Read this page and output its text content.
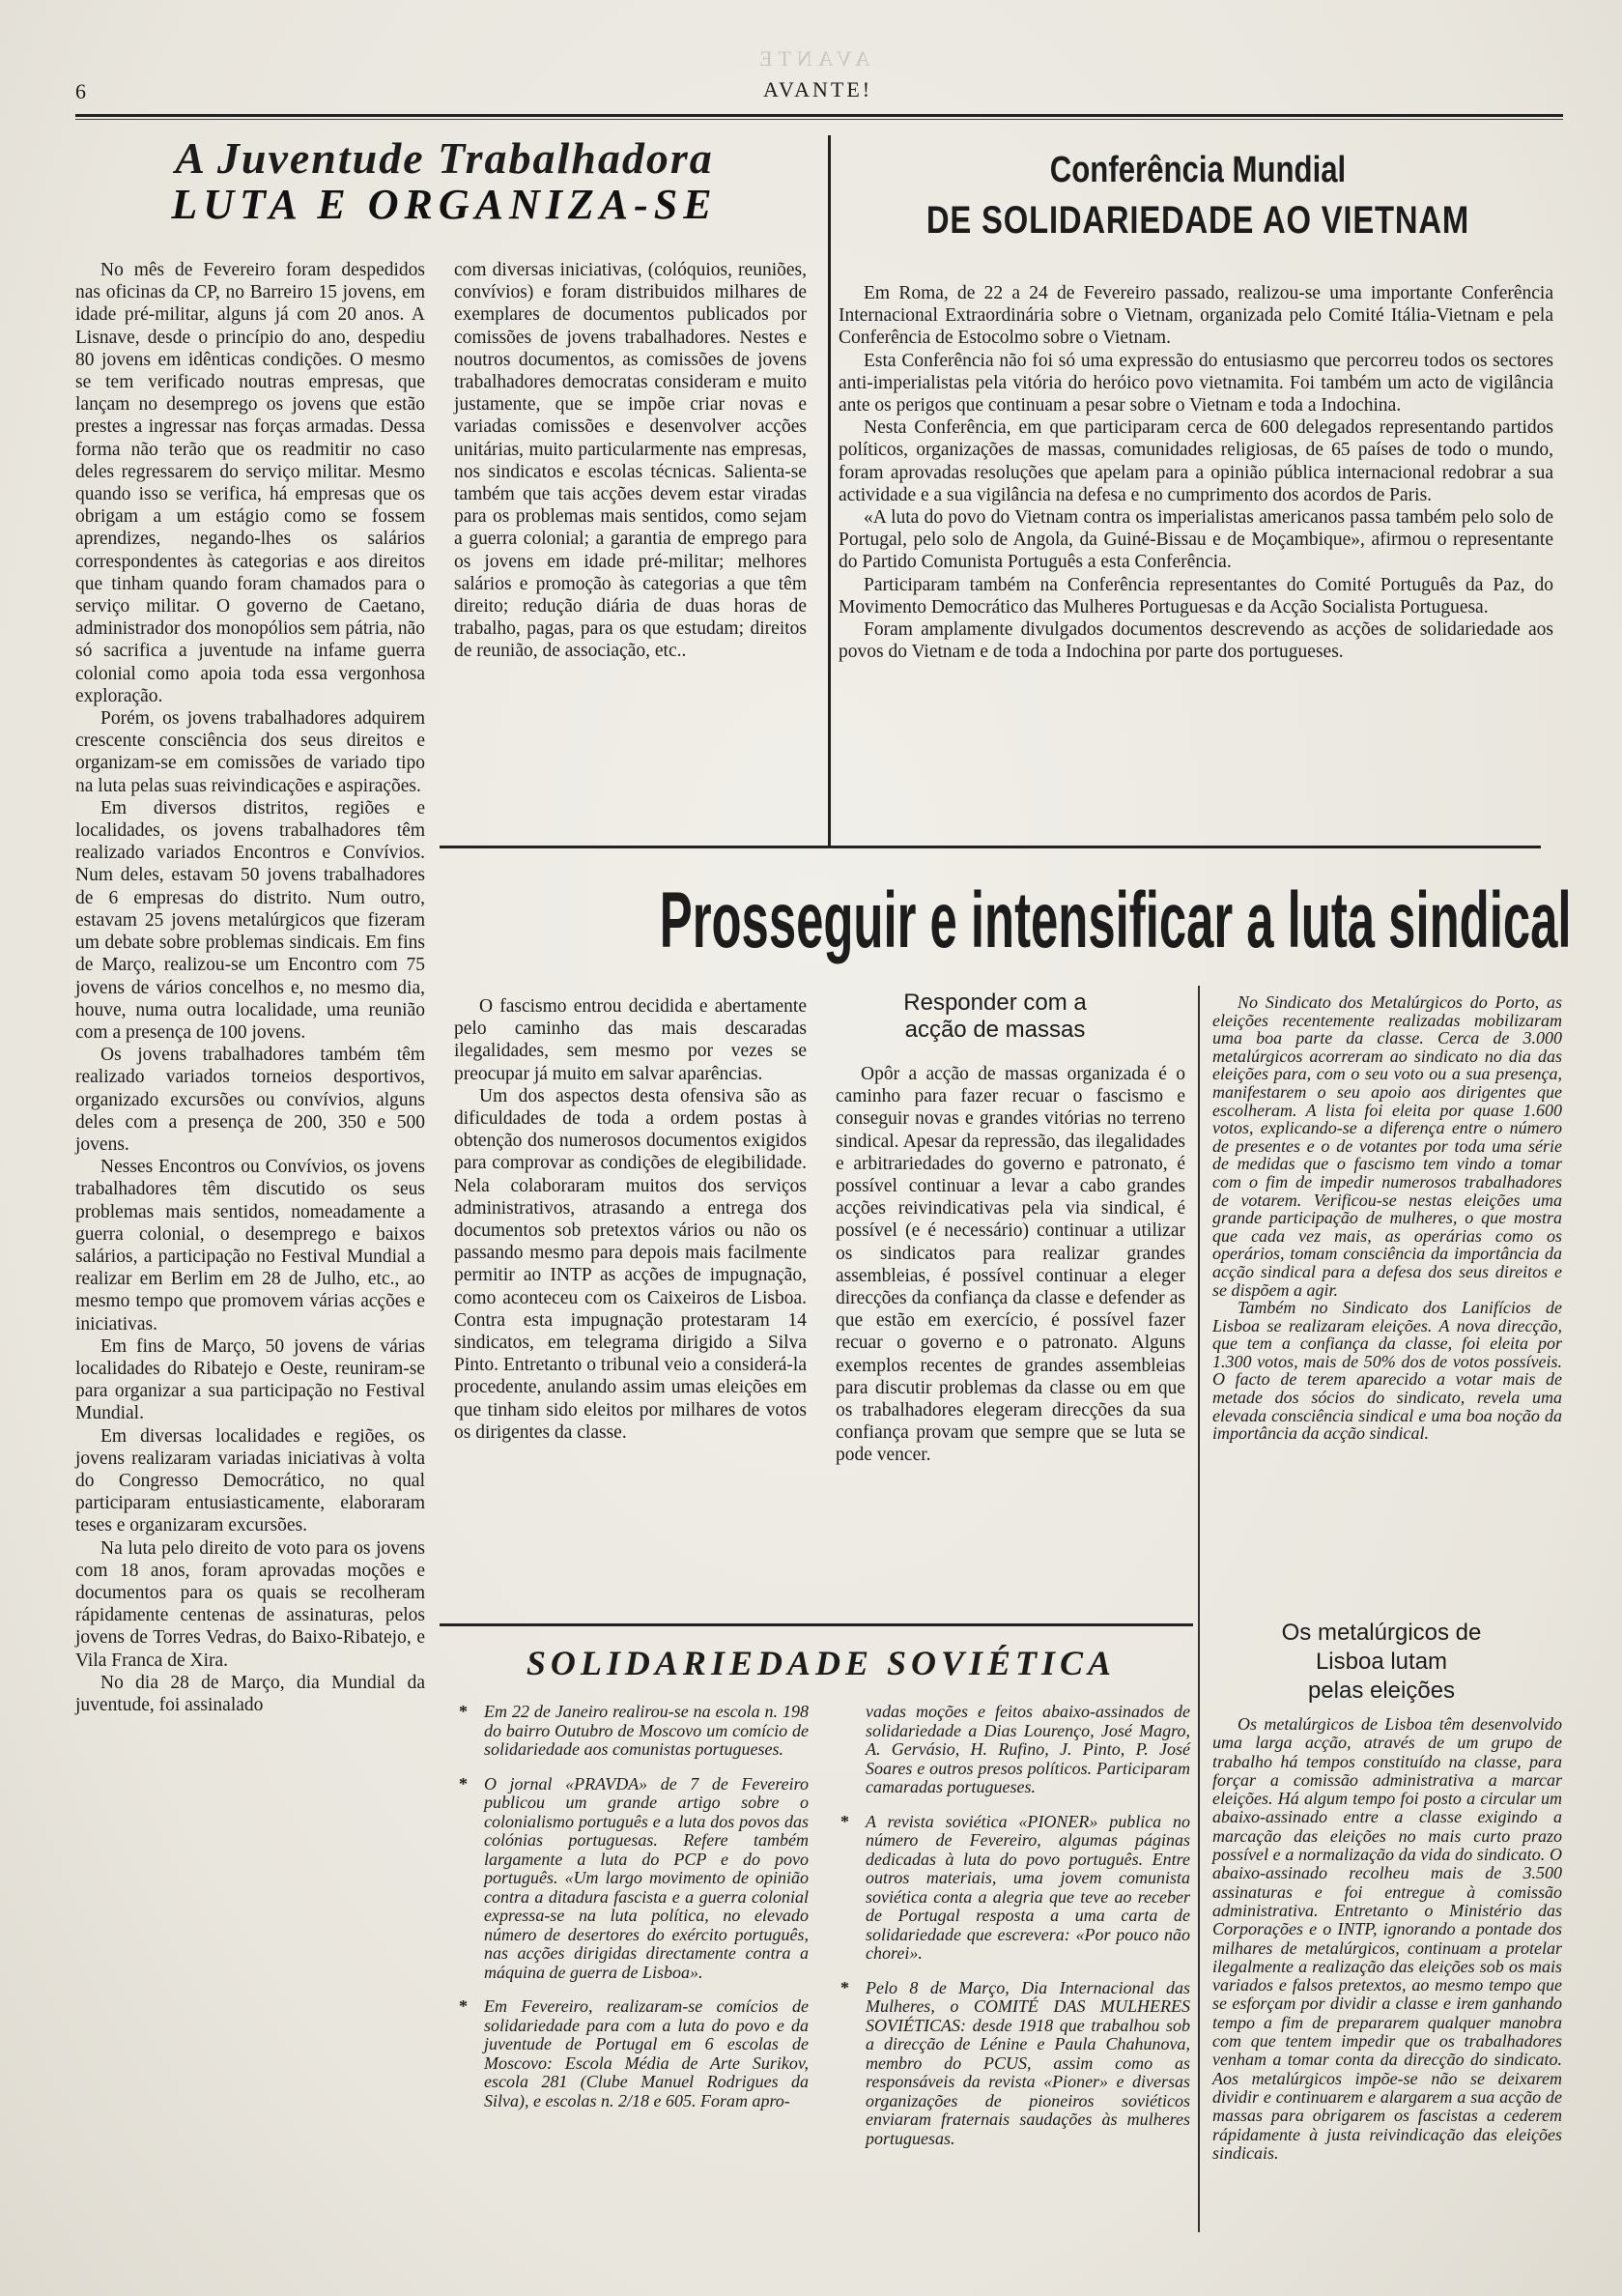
AVANTE
6	AVANTE!
A Juventude Trabalhadora
LUTA E ORGANIZA-SE

No mês de Fevereiro foram despedidos nas oficinas da CP, no Barreiro 15 jovens, em idade pré-militar, alguns já com 20 anos. A Lisnave, desde o princípio do ano, despediu 80 jovens em idênticas condições. O mesmo se tem verificado noutras empresas, que lançam no desemprego os jovens que estão prestes a ingressar nas forças armadas. Dessa forma não terão que os readmitir no caso deles regressarem do serviço militar. Mesmo quando isso se verifica, há empresas que os obrigam a um estágio como se fossem aprendizes, negando-lhes os salários correspondentes às categorias e aos direitos que tinham quando foram chamados para o serviço militar. O governo de Caetano, administrador dos monopólios sem pátria, não só sacrifica a juventude na infame guerra colonial como apoia toda essa vergonhosa exploração.

Porém, os jovens trabalhadores adquirem crescente consciência dos seus direitos e organizam-se em comissões de variado tipo na luta pelas suas reivindicações e aspirações.

Em diversos distritos, regiões e localidades, os jovens trabalhadores têm realizado variados Encontros e Convívios. Num deles, estavam 50 jovens trabalhadores de 6 empresas do distrito. Num outro, estavam 25 jovens metalúrgicos que fizeram um debate sobre problemas sindicais. Em fins de Março, realizou-se um Encontro com 75 jovens de vários concelhos e, no mesmo dia, houve, numa outra localidade, uma reunião com a presença de 100 jovens.

Os jovens trabalhadores também têm realizado variados torneios desportivos, organizado excursões ou convívios, alguns deles com a presença de 200, 350 e 500 jovens.

Nesses Encontros ou Convívios, os jovens trabalhadores têm discutido os seus problemas mais sentidos, nomeadamente a guerra colonial, o desemprego e baixos salários, a participação no Festival Mundial a realizar em Berlim em 28 de Julho, etc., ao mesmo tempo que promovem várias acções e iniciativas.

Em fins de Março, 50 jovens de várias localidades do Ribatejo e Oeste, reuniram-se para organizar a sua participação no Festival Mundial.

Em diversas localidades e regiões, os jovens realizaram variadas iniciativas à volta do Congresso Democrático, no qual participaram entusiasticamente, elaboraram teses e organizaram excursões.

Na luta pelo direito de voto para os jovens com 18 anos, foram aprovadas moções e documentos para os quais se recolheram rápidamente centenas de assinaturas, pelos jovens de Torres Vedras, do Baixo-Ribatejo, e Vila Franca de Xira.

No dia 28 de Março, dia Mundial da juventude, foi assinalado

com diversas iniciativas, (colóquios, reuniões, convívios) e foram distribuidos milhares de exemplares de documentos publicados por comissões de jovens trabalhadores. Nestes e noutros documentos, as comissões de jovens trabalhadores democratas consideram e muito justamente, que se impõe criar novas e variadas comissões e desenvolver acções unitárias, muito particularmente nas empresas, nos sindicatos e escolas técnicas. Salienta-se também que tais acções devem estar viradas para os problemas mais sentidos, como sejam a guerra colonial; a garantia de emprego para os jovens em idade pré-militar; melhores salários e promoção às categorias a que têm direito; redução diária de duas horas de trabalho, pagas, para os que estudam; direitos de reunião, de associação, etc..

Conferência Mundial
DE SOLIDARIEDADE AO VIETNAM

Em Roma, de 22 a 24 de Fevereiro passado, realizou-se uma importante Conferência Internacional Extraordinária sobre o Vietnam, organizada pelo Comité Itália-Vietnam e pela Conferência de Estocolmo sobre o Vietnam.

Esta Conferência não foi só uma expressão do entusiasmo que percorreu todos os sectores anti-imperialistas pela vitória do heróico povo vietnamita. Foi também um acto de vigilância ante os perigos que continuam a pesar sobre o Vietnam e toda a Indochina.

Nesta Conferência, em que participaram cerca de 600 delegados representando partidos políticos, organizações de massas, comunidades religiosas, de 65 países de todo o mundo, foram aprovadas resoluções que apelam para a opinião pública internacional redobrar a sua actividade e a sua vigilância na defesa e no cumprimento dos acordos de Paris.

«A luta do povo do Vietnam contra os imperialistas americanos passa também pelo solo de Portugal, pelo solo de Angola, da Guiné-Bissau e de Moçambique», afirmou o representante do Partido Comunista Português a esta Conferência.

Participaram também na Conferência representantes do Comité Português da Paz, do Movimento Democrático das Mulheres Portuguesas e da Acção Socialista Portuguesa.

Foram amplamente divulgados documentos descrevendo as acções de solidariedade aos povos do Vietnam e de toda a Indochina por parte dos portugueses.

Prosseguir e intensificar a luta sindical

O fascismo entrou decidida e abertamente pelo caminho das mais descaradas ilegalidades, sem mesmo por vezes se preocupar já muito em salvar aparências.

Um dos aspectos desta ofensiva são as dificuldades de toda a ordem postas à obtenção dos numerosos documentos exigidos para comprovar as condições de elegibilidade. Nela colaboraram muitos dos serviços administrativos, atrasando a entrega dos documentos sob pretextos vários ou não os passando mesmo para depois mais facilmente permitir ao INTP as acções de impugnação, como aconteceu com os Caixeiros de Lisboa. Contra esta impugnação protestaram 14 sindicatos, em telegrama dirigido a Silva Pinto. Entretanto o tribunal veio a considerá-la procedente, anulando assim umas eleições em que tinham sido eleitos por milhares de votos os dirigentes da classe.

Responder com a
acção de massas

Opôr a acção de massas organizada é o caminho para fazer recuar o fascismo e conseguir novas e grandes vitórias no terreno sindical. Apesar da repressão, das ilegalidades e arbitrariedades do governo e patronato, é possível continuar a levar a cabo grandes acções reivindicativas pela via sindical, é possível (e é necessário) continuar a utilizar os sindicatos para realizar grandes assembleias, é possível continuar a eleger direcções da confiança da classe e defender as que estão em exercício, é possível fazer recuar o governo e o patronato. Alguns exemplos recentes de grandes assembleias para discutir problemas da classe ou em que os trabalhadores elegeram direcções da sua confiança provam que sempre que se luta se pode vencer.

No Sindicato dos Metalúrgicos do Porto, as eleições recentemente realizadas mobilizaram uma boa parte da classe. Cerca de 3.000 metalúrgicos acorreram ao sindicato no dia das eleições para, com o seu voto ou a sua presença, manifestarem o seu apoio aos dirigentes que escolheram. A lista foi eleita por quase 1.600 votos, explicando-se a diferença entre o número de presentes e o de votantes por toda uma série de medidas que o fascismo tem vindo a tomar com o fim de impedir numerosos trabalhadores de votarem. Verificou-se nestas eleições uma grande participação de mulheres, o que mostra que cada vez mais, as operárias como os operários, tomam consciência da importância da acção sindical para a defesa dos seus direitos e se dispõem a agir.

Também no Sindicato dos Lanifícios de Lisboa se realizaram eleições. A nova direcção, que tem a confiança da classe, foi eleita por 1.300 votos, mais de 50% dos de votos possíveis. O facto de terem aparecido a votar mais de metade dos sócios do sindicato, revela uma elevada consciência sindical e uma boa noção da importância da acção sindical.

Os metalúrgicos de
Lisboa lutam
pelas eleições

Os metalúrgicos de Lisboa têm desenvolvido uma larga acção, através de um grupo de trabalho há tempos constituído na classe, para forçar a comissão administrativa a marcar eleições. Há algum tempo foi posto a circular um abaixo-assinado entre a classe exigindo a marcação das eleições no mais curto prazo possível e a normalização da vida do sindicato. O abaixo-assinado recolheu mais de 3.500 assinaturas e foi entregue à comissão administrativa. Entretanto o Ministério das Corporações e o INTP, ignorando a pontade dos milhares de metalúrgicos, continuam a protelar ilegalmente a realização das eleições sob os mais variados e falsos pretextos, ao mesmo tempo que se esforçam por dividir a classe e irem ganhando tempo a fim de prepararem qualquer manobra com que tentem impedir que os trabalhadores venham a tomar conta da direcção do sindicato. Aos metalúrgicos impõe-se não se deixarem dividir e continuarem e alargarem a sua acção de massas para obrigarem os fascistas a cederem rápidamente à justa reivindicação das eleições sindicais.

SOLIDARIEDADE SOVIÉTICA
* Em 22 de Janeiro realirou-se na escola n. 198 do bairro Outubro de Moscovo um comício de solidariedade aos comunistas portugueses.
* O jornal «PRAVDA» de 7 de Fevereiro publicou um grande artigo sobre o colonialismo português e a luta dos povos das colónias portuguesas. Refere também largamente a luta do PCP e do povo português. «Um largo movimento de opinião contra a ditadura fascista e a guerra colonial expressa-se na luta política, no elevado número de desertores do exército português, nas acções dirigidas directamente contra a máquina de guerra de Lisboa».
* Em Fevereiro, realizaram-se comícios de solidariedade para com a luta do povo e da juventude de Portugal em 6 escolas de Moscovo: Escola Média de Arte Surikov, escola 281 (Clube Manuel Rodrigues da Silva), e escolas n. 2/18 e 605. Foram apro-
vadas moções e feitos abaixo-assinados de solidariedade a Dias Lourenço, José Magro, A. Gervásio, H. Rufino, J. Pinto, P. José Soares e outros presos políticos. Participaram camaradas portugueses.
* A revista soviética «PIONER» publica no número de Fevereiro, algumas páginas dedicadas à luta do povo português. Entre outros materiais, uma jovem comunista soviética conta a alegria que teve ao receber de Portugal resposta a uma carta de solidariedade que escrevera: «Por pouco não chorei».
* Pelo 8 de Março, Dia Internacional das Mulheres, o COMITÉ DAS MULHERES SOVIÉTICAS: desde 1918 que trabalhou sob a direcção de Lénine e Paula Chahunova, membro do PCUS, assim como as responsáveis da revista «Pioner» e diversas organizações de pioneiros soviéticos enviaram fraternais saudações às mulheres portuguesas.
